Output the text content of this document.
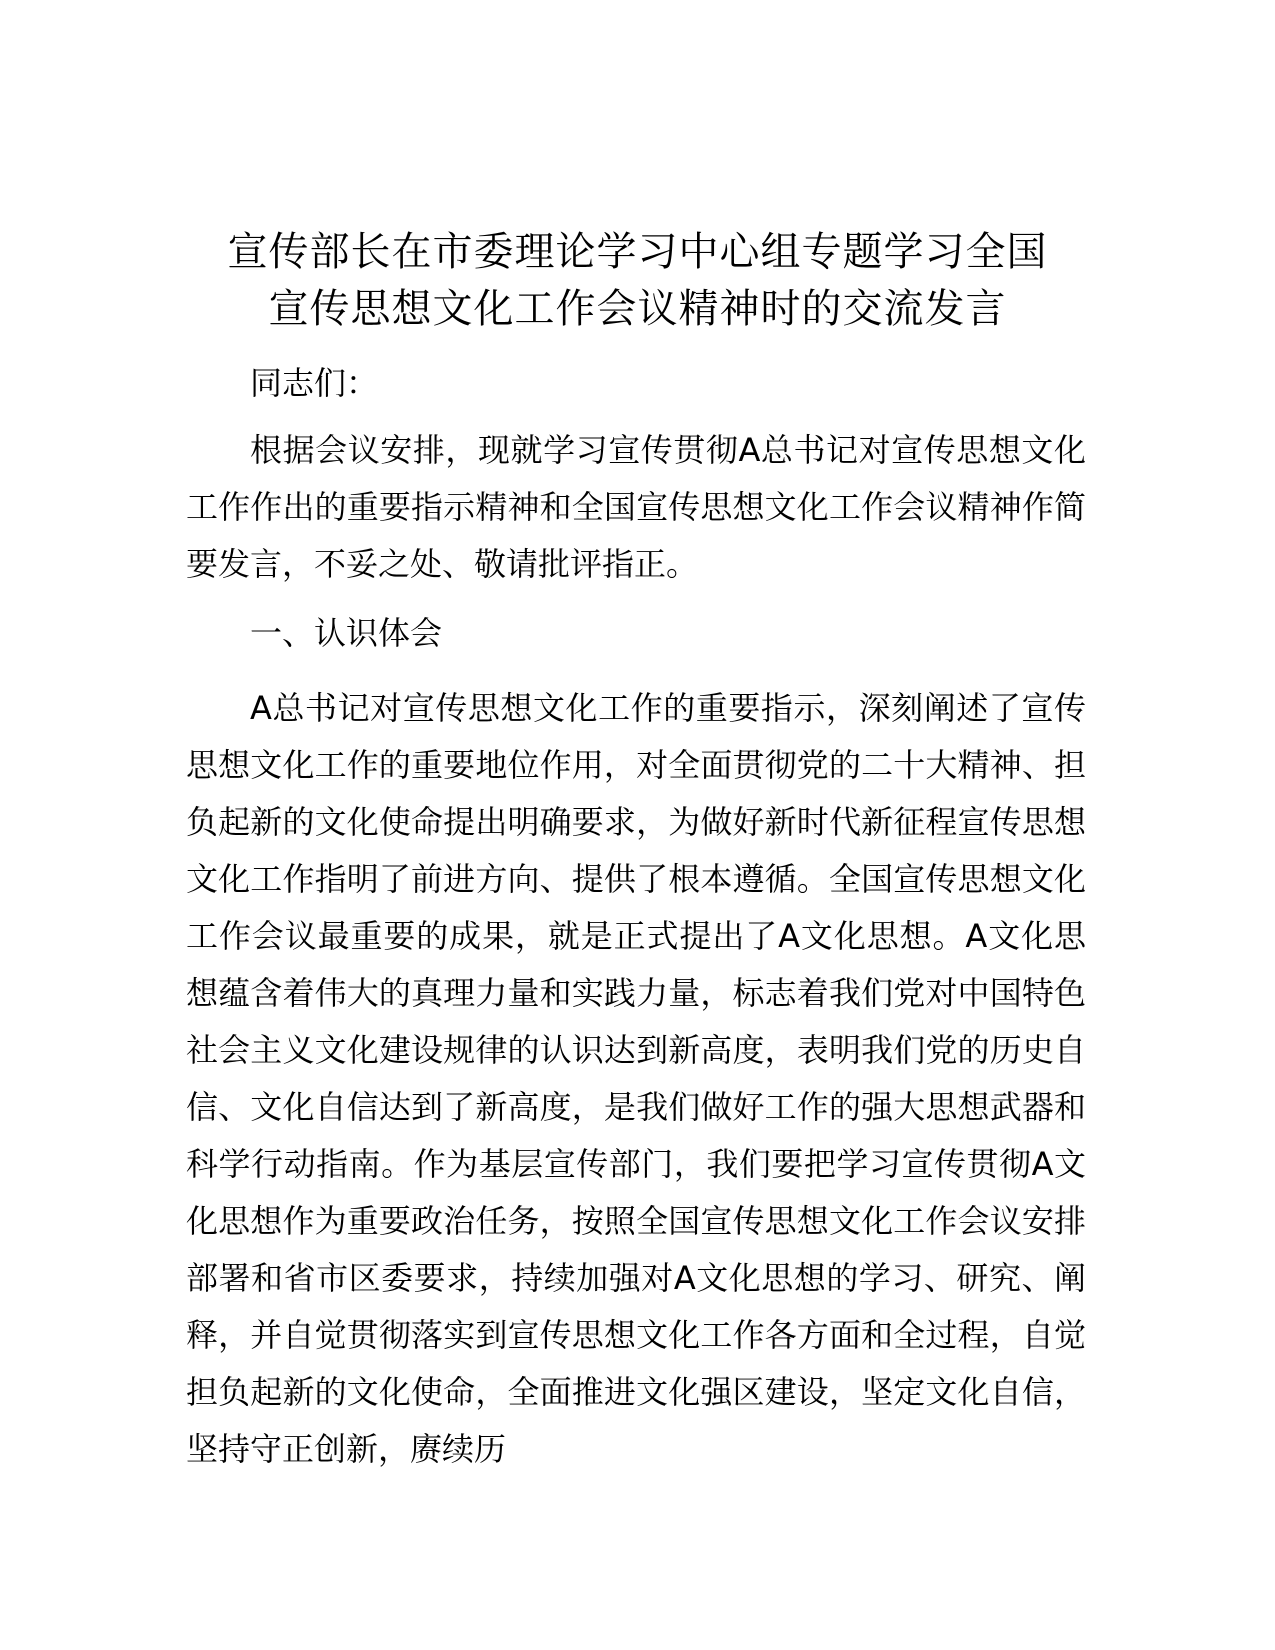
宣传部长在市委理论学习中心组专题学习全国
宣传思想文化工作会议精神时的交流发言

同志们：

根据会议安排，现就学习宣传贯彻A总书记对宣传思想文化工作作出的重要指示精神和全国宣传思想文化工作会议精神作简要发言，不妥之处、敬请批评指正。

一、认识体会

A总书记对宣传思想文化工作的重要指示，深刻阐述了宣传思想文化工作的重要地位作用，对全面贯彻党的二十大精神、担负起新的文化使命提出明确要求，为做好新时代新征程宣传思想文化工作指明了前进方向、提供了根本遵循。全国宣传思想文化工作会议最重要的成果，就是正式提出了A文化思想。A文化思想蕴含着伟大的真理力量和实践力量，标志着我们党对中国特色社会主义文化建设规律的认识达到新高度，表明我们党的历史自信、文化自信达到了新高度，是我们做好工作的强大思想武器和科学行动指南。作为基层宣传部门，我们要把学习宣传贯彻A文化思想作为重要政治任务，按照全国宣传思想文化工作会议安排部署和省市区委要求，持续加强对A文化思想的学习、研究、阐释，并自觉贯彻落实到宣传思想文化工作各方面和全过程，自觉担负起新的文化使命，全面推进文化强区建设，坚定文化自信，坚持守正创新，赓续历
